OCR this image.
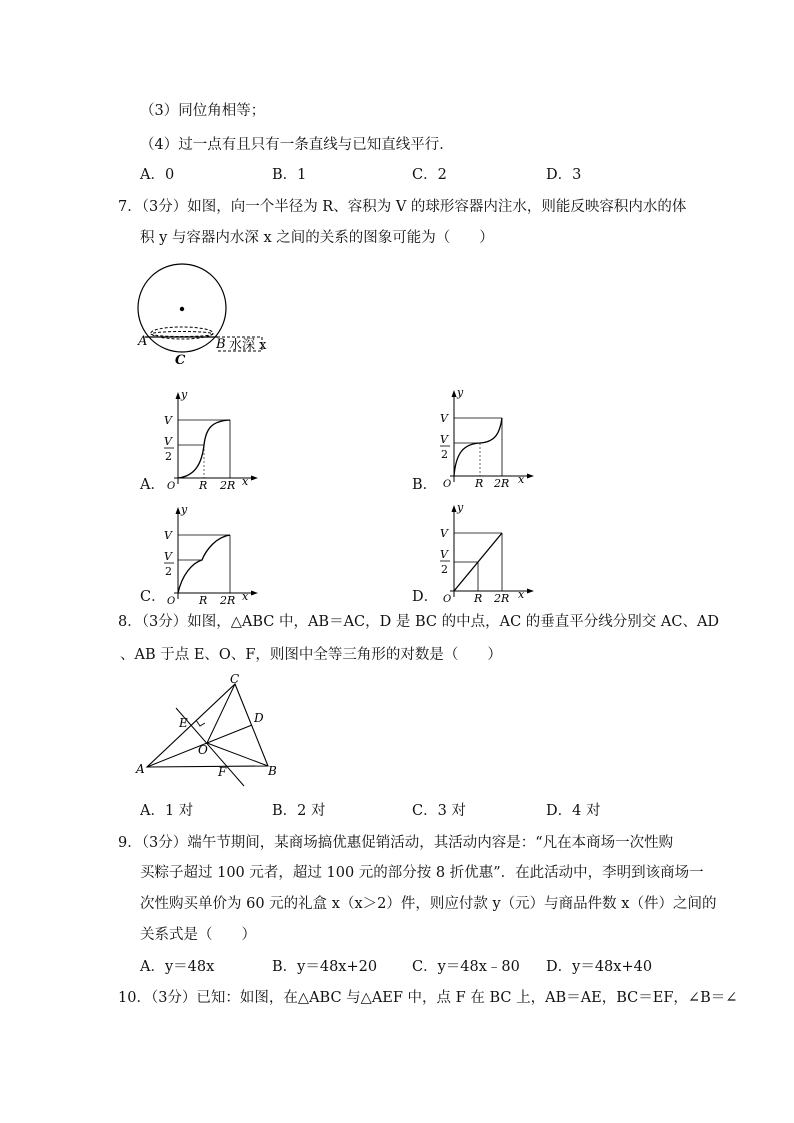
（3）同位角相等；
（4）过一点有且只有一条直线与已知直线平行．
A．0	B．1	C．2	D．3
7．（3分）如图，向一个半径为 R、容积为 V 的球形容器内注水，则能反映容积内水的体
积 y 与容器内水深 x 之间的关系的图象可能为（　　）
A	B
C
水深 x
y
V
V
2
O R 2R x
A．
y
V
V
2
O R 2R x
B．
y
V
V
2
O R 2R x
C．
y
V
V
2
O R 2R x
D．
8．（3分）如图，△ABC 中，AB＝AC，D 是 BC 的中点，AC 的垂直平分线分别交 AC、AD
、AB 于点 E、O、F，则图中全等三角形的对数是（　　）
A	B
C
D
E
O
F
A．1 对	B．2 对	C．3 对	D．4 对
9．（3分）端午节期间，某商场搞优惠促销活动，其活动内容是：“凡在本商场一次性购
买粽子超过 100 元者，超过 100 元的部分按 8 折优惠”．在此活动中，李明到该商场一
次性购买单价为 60 元的礼盒 x（x＞2）件，则应付款 y（元）与商品件数 x（件）之间的
关系式是（　　）
A．y＝48x	B．y＝48x+20 C．y＝48x﹣80 D．y＝48x+40
10．（3分）已知：如图，在△ABC 与△AEF 中，点 F 在 BC 上，AB＝AE，BC＝EF，∠B＝∠
